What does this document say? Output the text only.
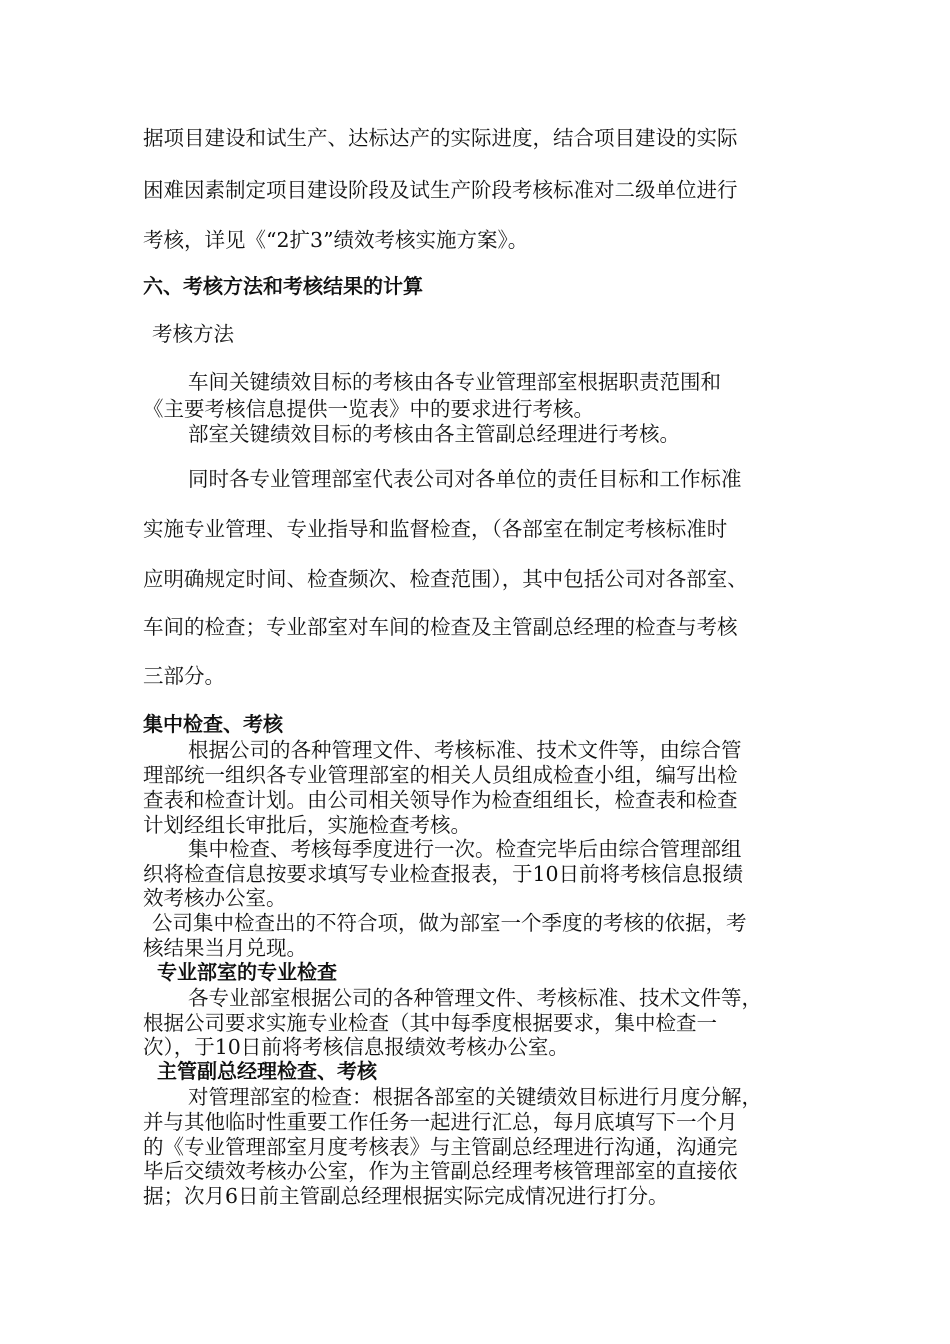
据项目建设和试生产、达标达产的实际进度，结合项目建设的实际
困难因素制定项目建设阶段及试生产阶段考核标准对二级单位进行
考核，详见《“2扩3”绩效考核实施方案》。
六、考核方法和考核结果的计算
考核方法
车间关键绩效目标的考核由各专业管理部室根据职责范围和
《主要考核信息提供一览表》中的要求进行考核。
部室关键绩效目标的考核由各主管副总经理进行考核。
同时各专业管理部室代表公司对各单位的责任目标和工作标准
实施专业管理、专业指导和监督检查，（各部室在制定考核标准时
应明确规定时间、检查频次、检查范围），其中包括公司对各部室、
车间的检查；专业部室对车间的检查及主管副总经理的检查与考核
三部分。
集中检查、考核
根据公司的各种管理文件、考核标准、技术文件等，由综合管
理部统一组织各专业管理部室的相关人员组成检查小组，编写出检
查表和检查计划。由公司相关领导作为检查组组长，检查表和检查
计划经组长审批后，实施检查考核。
集中检查、考核每季度进行一次。检查完毕后由综合管理部组
织将检查信息按要求填写专业检查报表，于10日前将考核信息报绩
效考核办公室。
公司集中检查出的不符合项，做为部室一个季度的考核的依据，考
核结果当月兑现。
专业部室的专业检查
各专业部室根据公司的各种管理文件、考核标准、技术文件等，
根据公司要求实施专业检查（其中每季度根据要求，集中检查一
次），于10日前将考核信息报绩效考核办公室。
主管副总经理检查、考核
对管理部室的检查：根据各部室的关键绩效目标进行月度分解，
并与其他临时性重要工作任务一起进行汇总，每月底填写下一个月
的《专业管理部室月度考核表》与主管副总经理进行沟通，沟通完
毕后交绩效考核办公室，作为主管副总经理考核管理部室的直接依
据；次月6日前主管副总经理根据实际完成情况进行打分。
